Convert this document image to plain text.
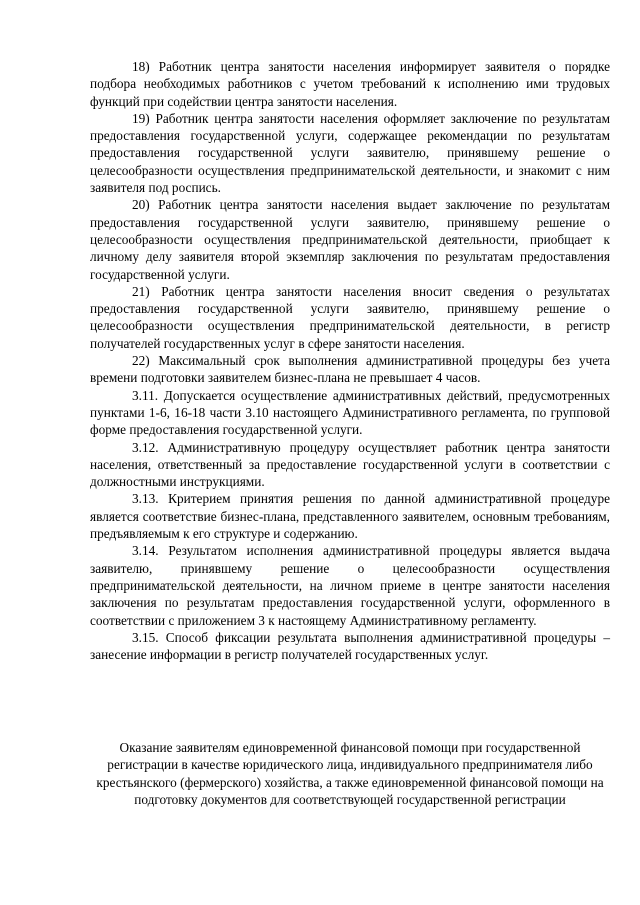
18) Работник центра занятости населения информирует заявителя о порядке подбора необходимых работников с учетом требований к исполнению ими трудовых функций при содействии центра занятости населения.

19) Работник центра занятости населения оформляет заключение по результатам предоставления государственной услуги, содержащее рекомендации по результатам предоставления государственной услуги заявителю, принявшему решение о целесообразности осуществления предпринимательской деятельности, и знакомит с ним заявителя под роспись.

20) Работник центра занятости населения выдает заключение по результатам предоставления государственной услуги заявителю, принявшему решение о целесообразности осуществления предпринимательской деятельности, приобщает к личному делу заявителя второй экземпляр заключения по результатам предоставления государственной услуги.

21) Работник центра занятости населения вносит сведения о результатах предоставления государственной услуги заявителю, принявшему решение о целесообразности осуществления предпринимательской деятельности, в регистр получателей государственных услуг в сфере занятости населения.

22) Максимальный срок выполнения административной процедуры без учета времени подготовки заявителем бизнес-плана не превышает 4 часов.

3.11. Допускается осуществление административных действий, предусмотренных пунктами 1-6, 16-18 части 3.10 настоящего Административного регламента, по групповой форме предоставления государственной услуги.

3.12. Административную процедуру осуществляет работник центра занятости населения, ответственный за предоставление государственной услуги в соответствии с должностными инструкциями.

3.13. Критерием принятия решения по данной административной процедуре является соответствие бизнес-плана, представленного заявителем, основным требованиям, предъявляемым к его структуре и содержанию.

3.14. Результатом исполнения административной процедуры является выдача заявителю, принявшему решение о целесообразности осуществления предпринимательской деятельности, на личном приеме в центре занятости населения заключения по результатам предоставления государственной услуги, оформленного в соответствии с приложением 3 к настоящему Административному регламенту.

3.15. Способ фиксации результата выполнения административной процедуры – занесение информации в регистр получателей государственных услуг.

Оказание заявителям единовременной финансовой помощи при государственной регистрации в качестве юридического лица, индивидуального предпринимателя либо крестьянского (фермерского) хозяйства, а также единовременной финансовой помощи на подготовку документов для соответствующей государственной регистрации
